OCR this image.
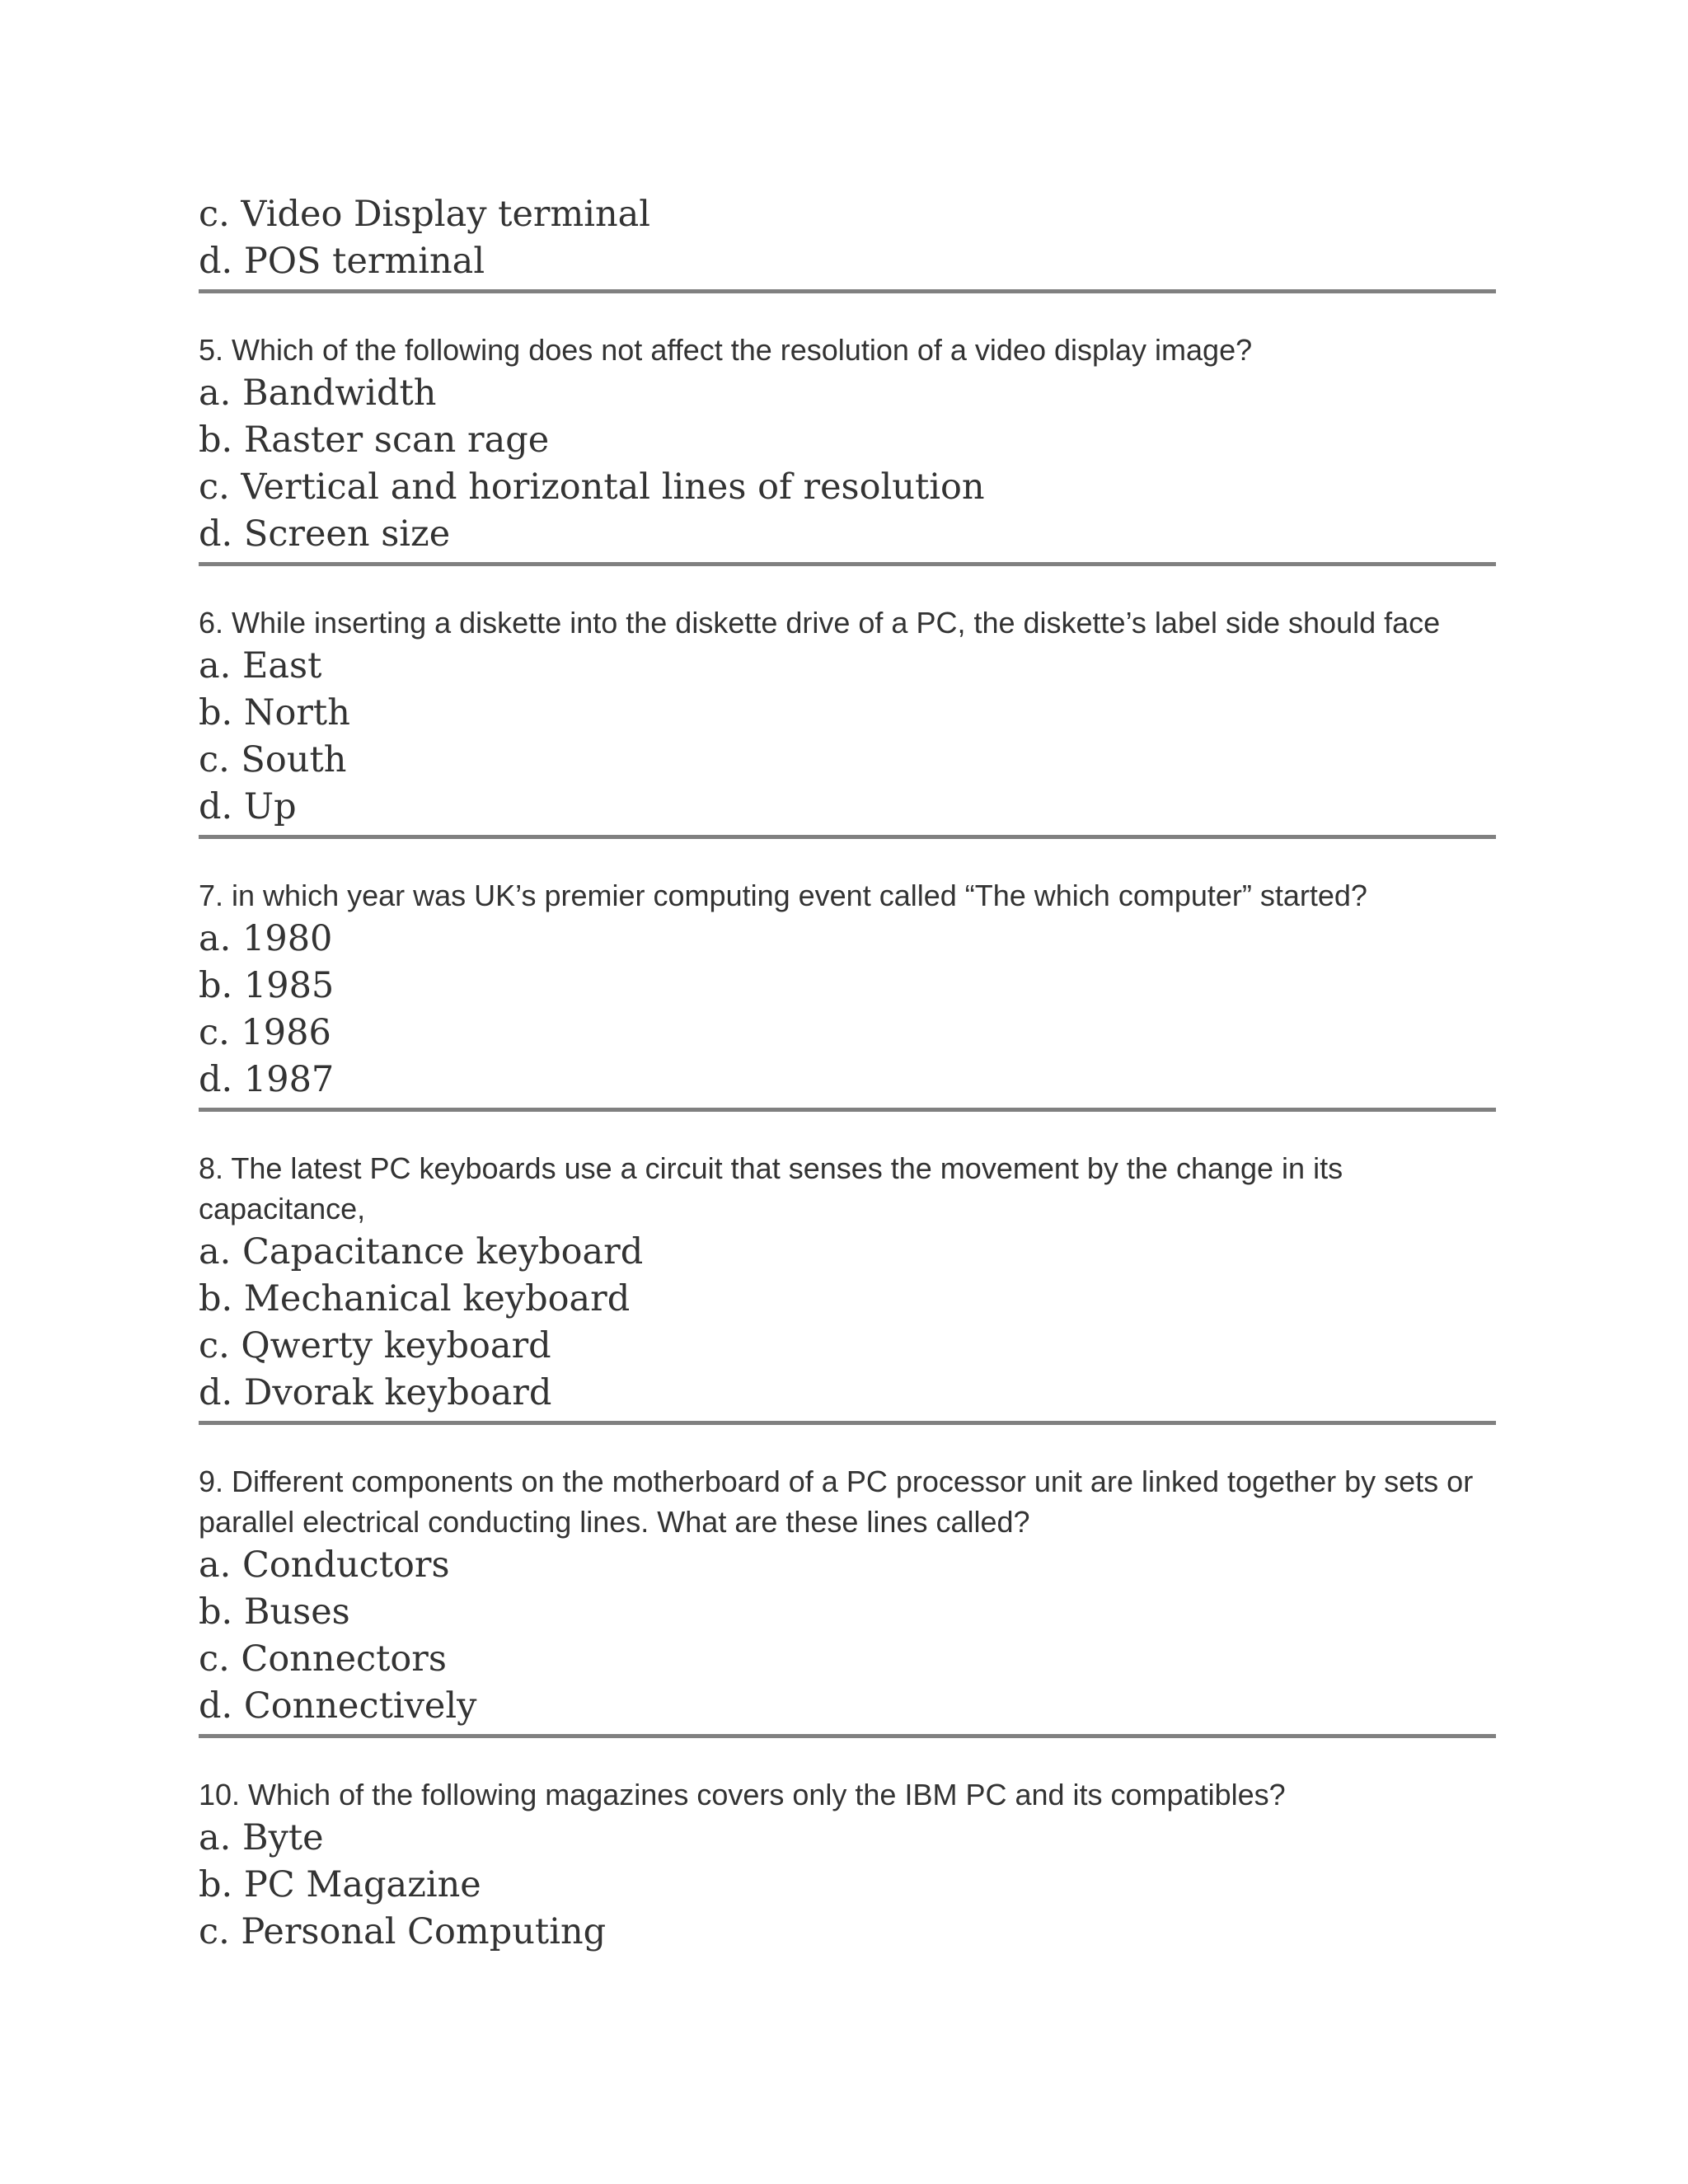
c. Video Display terminal
d. POS terminal
5. Which of the following does not affect the resolution of a video display image?
a. Bandwidth
b. Raster scan rage
c. Vertical and horizontal lines of resolution
d. Screen size
6. While inserting a diskette into the diskette drive of a PC, the diskette’s label side should face
a. East
b. North
c. South
d. Up
7. in which year was UK’s premier computing event called “The which computer” started?
a. 1980
b. 1985
c. 1986
d. 1987
8. The latest PC keyboards use a circuit that senses the movement by the change in its capacitance,
a. Capacitance keyboard
b. Mechanical keyboard
c. Qwerty keyboard
d. Dvorak keyboard
9. Different components on the motherboard of a PC processor unit are linked together by sets or parallel electrical conducting lines. What are these lines called?
a. Conductors
b. Buses
c. Connectors
d. Connectively
10. Which of the following magazines covers only the IBM PC and its compatibles?
a. Byte
b. PC Magazine
c. Personal Computing
